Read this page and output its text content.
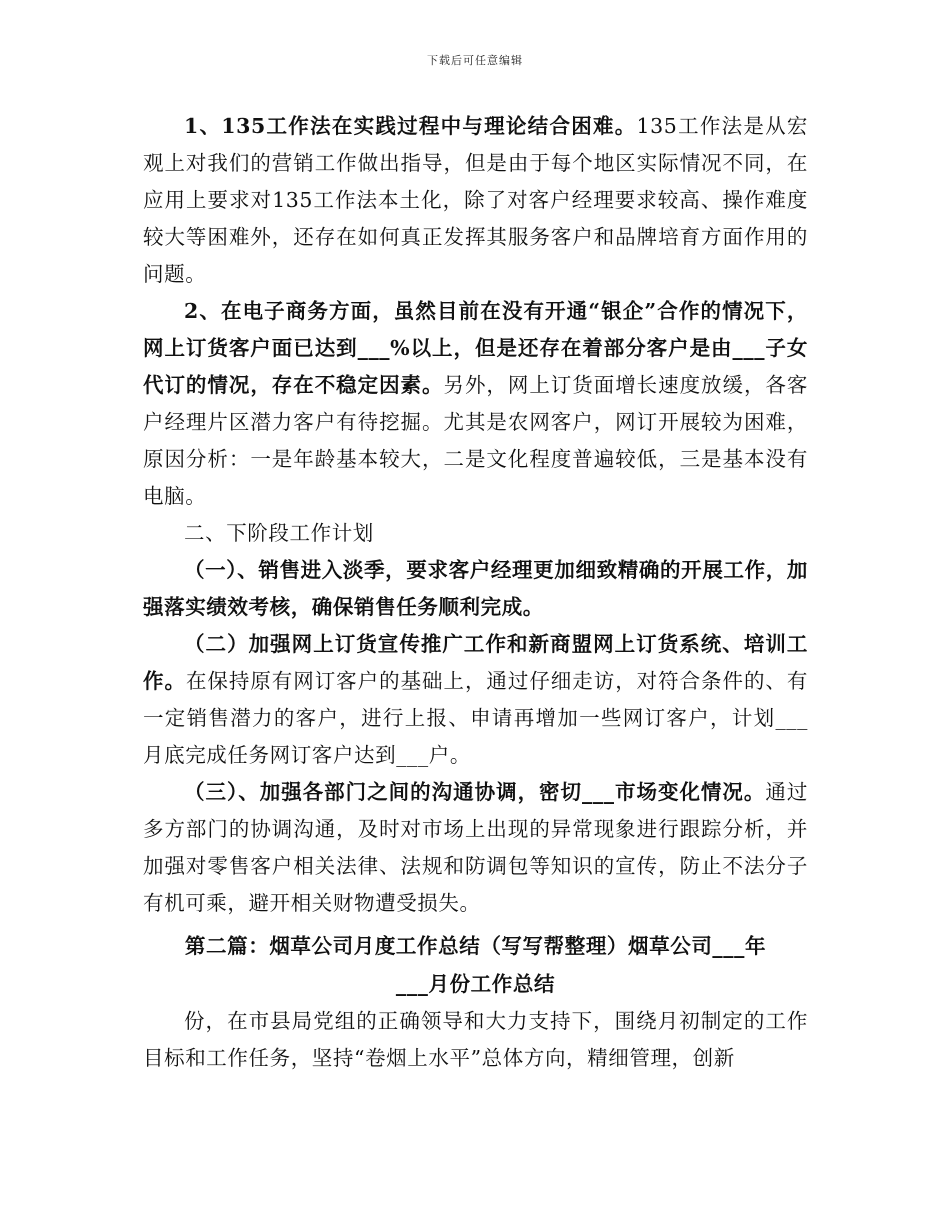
下载后可任意编辑

1、135工作法在实践过程中与理论结合困难。135工作法是从宏观上对我们的营销工作做出指导，但是由于每个地区实际情况不同，在应用上要求对135工作法本土化，除了对客户经理要求较高、操作难度较大等困难外，还存在如何真正发挥其服务客户和品牌培育方面作用的问题。

2、在电子商务方面，虽然目前在没有开通“银企”合作的情况下，网上订货客户面已达到___%以上，但是还存在着部分客户是由___子女代订的情况，存在不稳定因素。另外，网上订货面增长速度放缓，各客户经理片区潜力客户有待挖掘。尤其是农网客户，网订开展较为困难，原因分析：一是年龄基本较大，二是文化程度普遍较低，三是基本没有电脑。

二、下阶段工作计划

（一）、销售进入淡季，要求客户经理更加细致精确的开展工作，加强落实绩效考核，确保销售任务顺利完成。

（二）加强网上订货宣传推广工作和新商盟网上订货系统、培训工作。在保持原有网订客户的基础上，通过仔细走访，对符合条件的、有一定销售潜力的客户，进行上报、申请再增加一些网订客户，计划___月底完成任务网订客户达到___户。

（三）、加强各部门之间的沟通协调，密切___市场变化情况。通过多方部门的协调沟通，及时对市场上出现的异常现象进行跟踪分析，并加强对零售客户相关法律、法规和防调包等知识的宣传，防止不法分子有机可乘，避开相关财物遭受损失。

第二篇：烟草公司月度工作总结（写写帮整理）烟草公司___年
___月份工作总结

份，在市县局党组的正确领导和大力支持下，围绕月初制定的工作目标和工作任务，坚持“卷烟上水平”总体方向，精细管理，创新
